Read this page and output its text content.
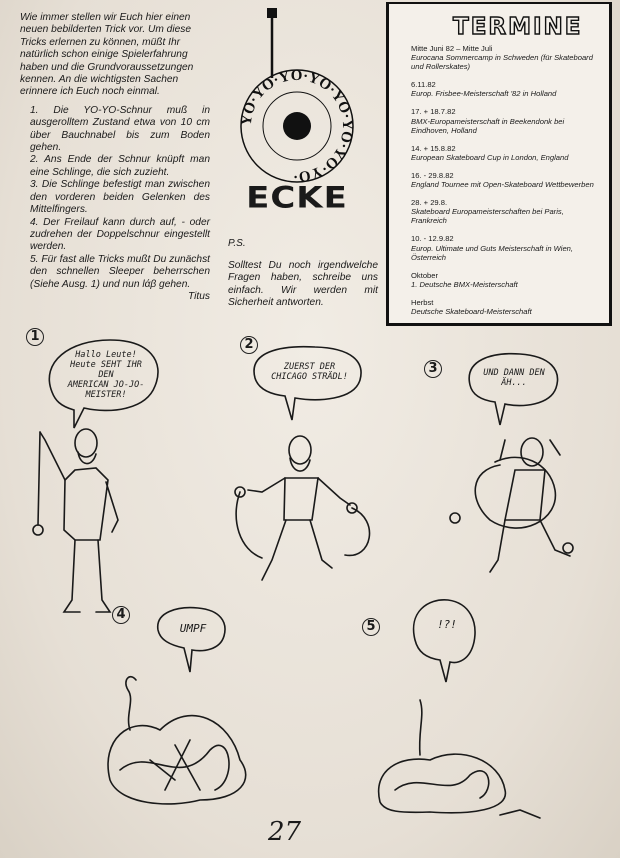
Wie immer stellen wir Euch hier einen neuen bebilderten Trick vor. Um diese Tricks erlernen zu können, müßt Ihr natürlich schon einige Spielerfahrung haben und die Grundvoraussetzungen kennen. An die wichtigsten Sachen erinnere ich Euch noch einmal.

1. Die YO-YO-Schnur muß in ausgerolltem Zustand etwa von 10 cm über Bauchnabel bis zum Boden gehen.
2. Ans Ende der Schnur knüpft man eine Schlinge, die sich zuzieht.
3. Die Schlinge befestigt man zwischen den vorderen beiden Gelenken des Mittelfingers.
4. Der Freilauf kann durch auf, - oder zudrehen der Doppelschnur eingestellt werden.
5. Für fast alle Tricks mußt Du zunächst den schnellen Sleeper beherrschen (Siehe Ausg. 1) und nun lάβ gehen.
Titus
YO·YO·YO·YO·YO·YO·YO·YO·
ECKE
P.S.
Solltest Du noch irgendwelche Fragen haben, schreibe uns einfach. Wir werden mit Sicherheit antworten.
TERMINE
Mitte Juni 82 – Mitte Juli
Eurocana Sommercamp in Schweden (für Skateboard und Rollerskates)
6.11.82
Europ. Frisbee-Meisterschaft '82 in Holland
17. + 18.7.82
BMX-Europameisterschaft in Beekendonk bei Eindhoven, Holland
14. + 15.8.82
European Skateboard Cup in London, England
16. - 29.8.82
England Tournee mit Open-Skateboard Wettbewerben
28. + 29.8.
Skateboard Europameisterschaften bei Paris, Frankreich
10. - 12.9.82
Europ. Ultimate und Guts Meisterschaft in Wien, Österreich
Oktober
1. Deutsche BMX-Meisterschaft
Herbst
Deutsche Skateboard-Meisterschaft
1
Hallo Leute!
Heute SEHT IHR DEN
AMERICAN JO-JO-
MEISTER!
2
ZUERST DER
CHICAGO STRÄDL!
3	UND DANN DEN
ÄH...
4
UMPF	5	!?!
27
